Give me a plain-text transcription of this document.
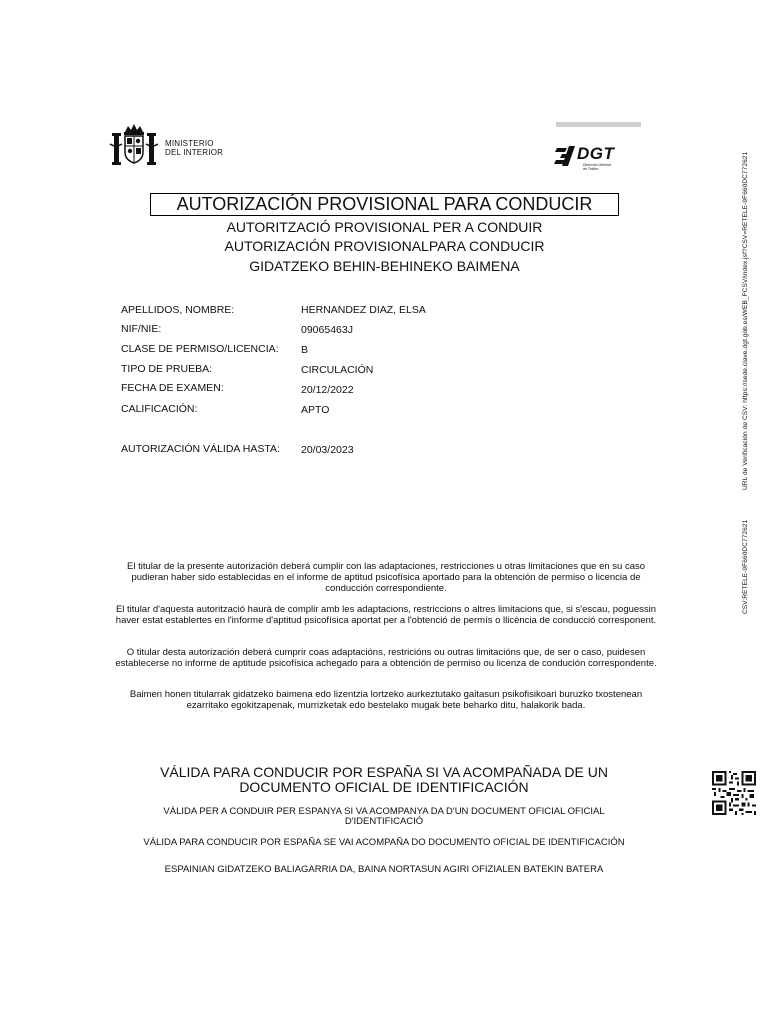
MINISTERIO
DEL INTERIOR	DGT
Dirección General
de Tráfico
AUTORIZACIÓN PROVISIONAL PARA CONDUCIR
AUTORITZACIÓ PROVISIONAL PER A CONDUIR
AUTORIZACIÓN PROVISIONALPARA CONDUCIR
GIDATZEKO BEHIN-BEHINEKO BAIMENA
APELLIDOS, NOMBRE:	HERNANDEZ DIAZ, ELSA
NIF/NIE:	09065463J
CLASE DE PERMISO/LICENCIA: B
TIPO DE PRUEBA:	CIRCULACIÓN
FECHA DE EXAMEN:	20/12/2022
CALIFICACIÓN:	APTO
AUTORIZACIÓN VÁLIDA HASTA: 20/03/2023
El titular de la presente autorización deberá cumplir con las adaptaciones, restricciones u otras limitaciones que en su caso pudieran haber sido establecidas en el informe de aptitud psicofísica aportado para la obtención de permiso o licencia de conducción correspondiente.
El titular d'aquesta autorització haurà de complir amb les adaptacions, restriccions o altres limitacions que, si s'escau, poguessin haver estat establertes en l'informe d'aptitud psicofísica aportat per a l'obtenció de permís o llicència de conducció corresponent.
O titular desta autorización deberá cumprir coas adaptacións, restricións ou outras limitacións que, de ser o caso, puidesen establecerse no informe de aptitude psicofísica achegado para a obtención de permiso ou licenza de condución correspondente.
Baimen honen titularrak gidatzeko baimena edo lizentzia lortzeko aurkeztutako gaitasun psikofisikoari buruzko txostenean ezarritako egokitzapenak, murrizketak edo bestelako mugak bete beharko ditu, halakorik bada.
VÁLIDA PARA CONDUCIR POR ESPAÑA SI VA ACOMPAÑADA DE UN DOCUMENTO OFICIAL DE IDENTIFICACIÓN
VÀLIDA PER A CONDUIR PER ESPANYA SI VA ACOMPANYA DA D'UN DOCUMENT OFICIAL OFICIAL D'IDENTIFICACIÓ
VÁLIDA PARA CONDUCIR POR ESPAÑA SE VAI ACOMPAÑA DO DOCUMENTO OFICIAL DE IDENTIFICACIÓN
ESPAINIAN GIDATZEKO BALIAGARRIA DA, BAINA NORTASUN AGIRI OFIZIALEN BATEKIN BATERA
URL de Verificación de CSV: https://sede.clave.dgt.gob.es/WEB_FCSV/index.jsf?CSV=RETELE-9F660DC772621
CSV:RETELE-9F660DC772621
